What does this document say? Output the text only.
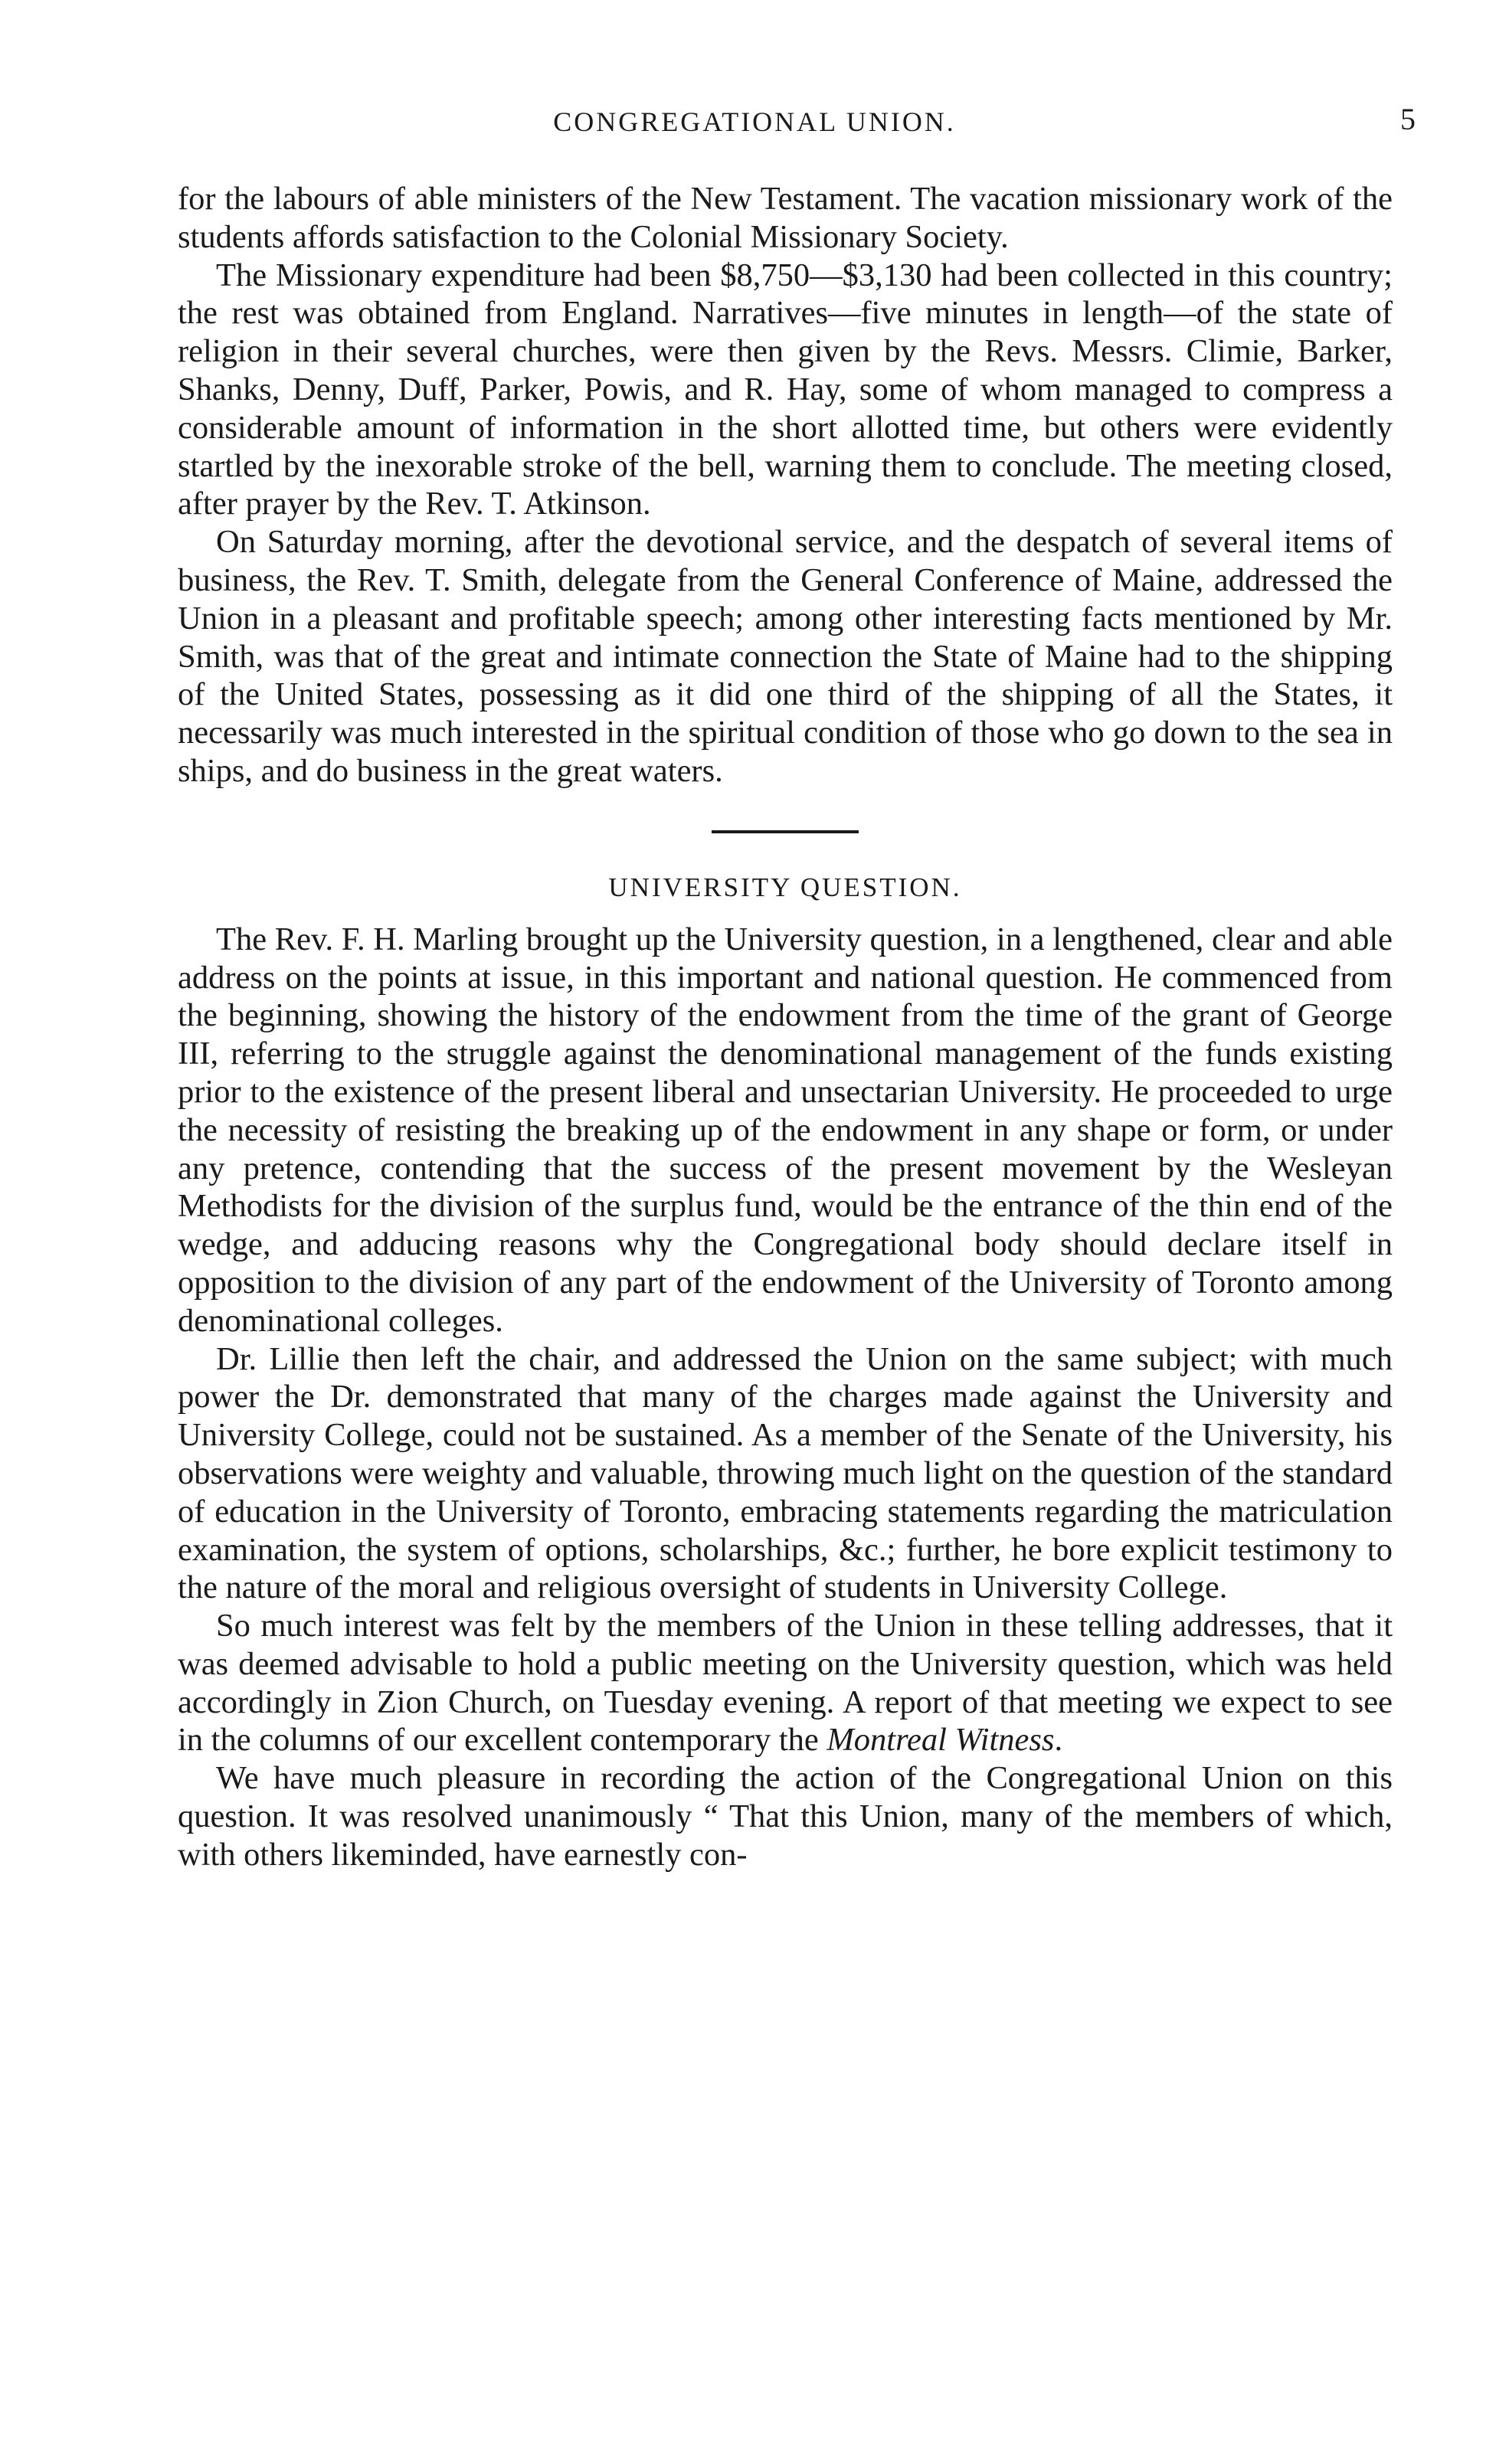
CONGREGATIONAL UNION.	5

for the labours of able ministers of the New Testament. The vacation missionary work of the students affords satisfaction to the Colonial Missionary Society.

The Missionary expenditure had been $8,750—$3,130 had been collected in this country; the rest was obtained from England. Narratives—five minutes in length—of the state of religion in their several churches, were then given by the Revs. Messrs. Climie, Barker, Shanks, Denny, Duff, Parker, Powis, and R. Hay, some of whom managed to compress a considerable amount of information in the short allotted time, but others were evidently startled by the inexorable stroke of the bell, warning them to conclude. The meeting closed, after prayer by the Rev. T. Atkinson.

On Saturday morning, after the devotional service, and the despatch of several items of business, the Rev. T. Smith, delegate from the General Conference of Maine, addressed the Union in a pleasant and profitable speech; among other interesting facts mentioned by Mr. Smith, was that of the great and intimate connection the State of Maine had to the shipping of the United States, possessing as it did one third of the shipping of all the States, it necessarily was much interested in the spiritual condition of those who go down to the sea in ships, and do business in the great waters.

UNIVERSITY QUESTION.

The Rev. F. H. Marling brought up the University question, in a lengthened, clear and able address on the points at issue, in this important and national question. He commenced from the beginning, showing the history of the endowment from the time of the grant of George III, referring to the struggle against the denominational management of the funds existing prior to the existence of the present liberal and unsectarian University. He proceeded to urge the necessity of resisting the breaking up of the endowment in any shape or form, or under any pretence, contending that the success of the present movement by the Wesleyan Methodists for the division of the surplus fund, would be the entrance of the thin end of the wedge, and adducing reasons why the Congregational body should declare itself in opposition to the division of any part of the endowment of the University of Toronto among denominational colleges.

Dr. Lillie then left the chair, and addressed the Union on the same subject; with much power the Dr. demonstrated that many of the charges made against the University and University College, could not be sustained. As a member of the Senate of the University, his observations were weighty and valuable, throwing much light on the question of the standard of education in the University of Toronto, embracing statements regarding the matriculation examination, the system of options, scholarships, &c.; further, he bore explicit testimony to the nature of the moral and religious oversight of students in University College.

So much interest was felt by the members of the Union in these telling addresses, that it was deemed advisable to hold a public meeting on the University question, which was held accordingly in Zion Church, on Tuesday evening. A report of that meeting we expect to see in the columns of our excellent contemporary the Montreal Witness.

We have much pleasure in recording the action of the Congregational Union on this question. It was resolved unanimously “ That this Union, many of the members of which, with others likeminded, have earnestly con-
